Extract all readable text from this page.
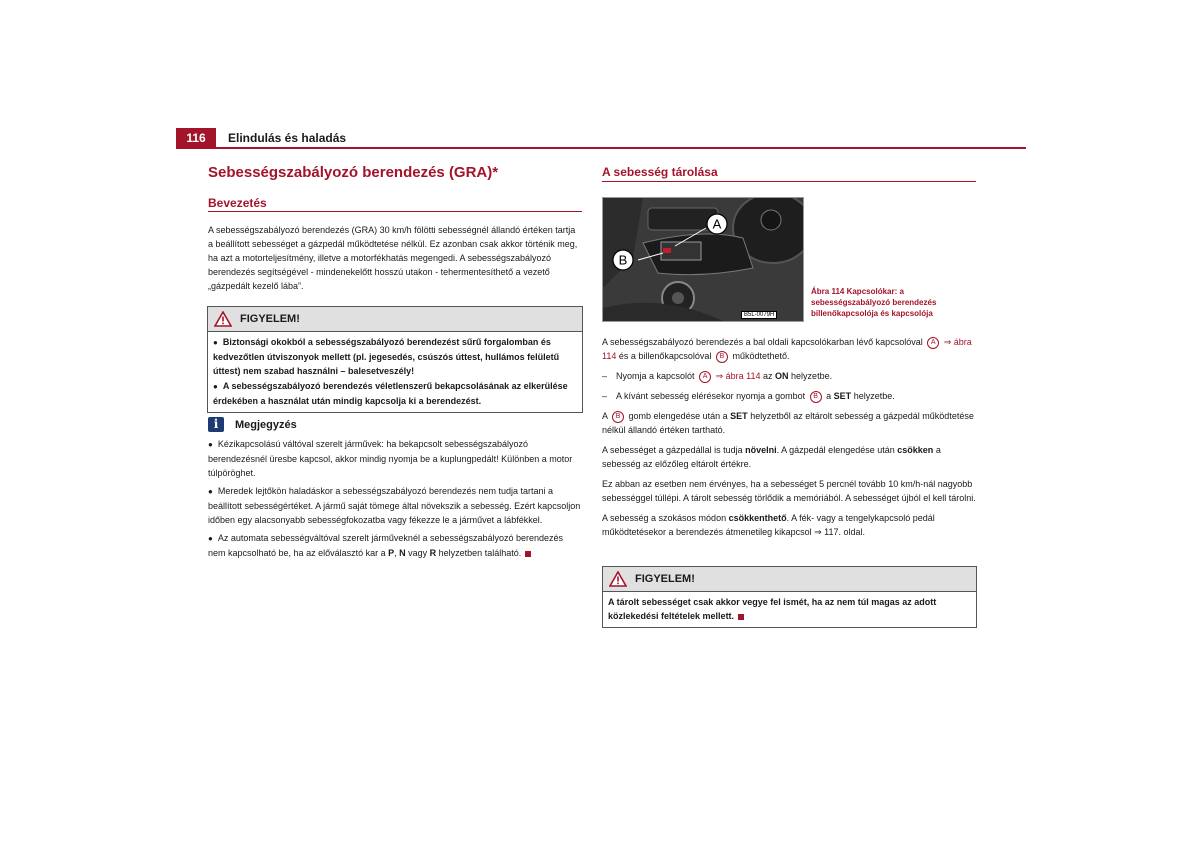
116	Elindulás és haladás
Sebességszabályozó berendezés (GRA)*
Bevezetés

A sebességszabályozó berendezés (GRA) 30 km/h fölötti sebességnél állandó értéken tartja a beállított sebességet a gázpedál működtetése nélkül. Ez azonban csak akkor történik meg, ha azt a motorteljesítmény, illetve a motorfékhatás megengedi. A sebességszabályozó berendezés segítségével - mindenekelőtt hosszú utakon - tehermentesíthető a vezető „gázpedált kezelő lába”.

FIGYELEM!

● Biztonsági okokból a sebességszabályozó berendezést sűrű forgalomban és kedvezőtlen útviszonyok mellett (pl. jegesedés, csúszós úttest, hullámos felületű úttest) nem szabad használni – balesetveszély!

● A sebességszabályozó berendezés véletlenszerű bekapcsolásának az elkerülése érdekében a használat után mindig kapcsolja ki a berendezést.

i	Megjegyzés

● Kézikapcsolású váltóval szerelt járművek: ha bekapcsolt sebességszabályozó berendezésnél üresbe kapcsol, akkor mindig nyomja be a kuplungpedált! Különben a motor túlpöröghet.

● Meredek lejtőkön haladáskor a sebességszabályozó berendezés nem tudja tartani a beállított sebességértéket. A jármű saját tömege által növekszik a sebesség. Ezért kapcsoljon időben egy alacsonyabb sebességfokozatba vagy fékezze le a járművet a lábfékkel.

● Az automata sebességváltóval szerelt járműveknél a sebességszabályozó berendezés nem kapcsolható be, ha az előválasztó kar a P, N vagy R helyzetben található.

A sebesség tárolása
A
B
B5L-0079H
Ábra 114 Kapcsolókar: a sebességszabályozó berendezés billenőkapcsolója és kapcsolója

A sebességszabályozó berendezés a bal oldali kapcsolókarban lévő kapcsolóval A ⇒ ábra 114 és a billenőkapcsolóval B működtethető.

– Nyomja a kapcsolót A ⇒ ábra 114 az ON helyzetbe.

– A kívánt sebesség elérésekor nyomja a gombot B a SET helyzetbe.

A B gomb elengedése után a SET helyzetből az eltárolt sebesség a gázpedál működtetése nélkül állandó értéken tartható.

A sebességet a gázpedállal is tudja növelni. A gázpedál elengedése után csökken a sebesség az előzőleg eltárolt értékre.

Ez abban az esetben nem érvényes, ha a sebességet 5 percnél tovább 10 km/h-nál nagyobb sebességgel túllépi. A tárolt sebesség törlődik a memóriából. A sebességet újból el kell tárolni.

A sebesség a szokásos módon csökkenthető. A fék- vagy a tengelykapcsoló pedál működtetésekor a berendezés átmenetileg kikapcsol ⇒ 117. oldal.

FIGYELEM!

A tárolt sebességet csak akkor vegye fel ismét, ha az nem túl magas az adott közlekedési feltételek mellett.
